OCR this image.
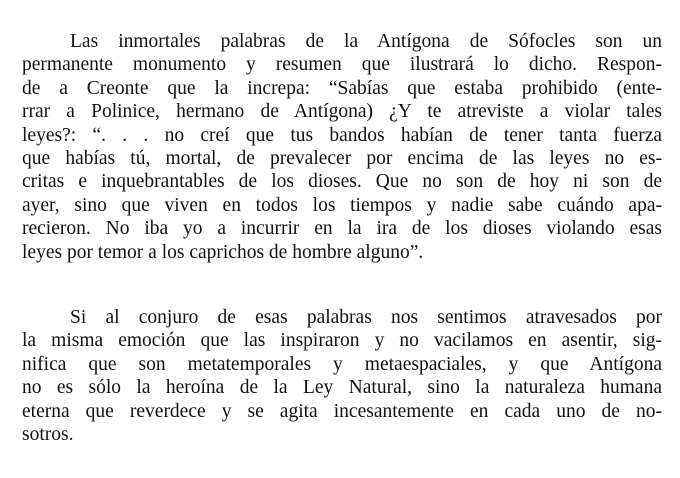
Las inmortales palabras de la Antígona de Sófocles son un
permanente monumento y resumen que ilustrará lo dicho. Respon-
de a Creonte que la increpa: “Sabías que estaba prohibido (ente-
rrar a Polinice, hermano de Antígona) ¿Y te atreviste a violar tales
leyes?: “. . . no creí que tus bandos habían de tener tanta fuerza
que habías tú, mortal, de prevalecer por encima de las leyes no es-
critas e inquebrantables de los dioses. Que no son de hoy ni son de
ayer, sino que viven en todos los tiempos y nadie sabe cuándo apa-
recieron. No iba yo a incurrir en la ira de los dioses violando esas
leyes por temor a los caprichos de hombre alguno”.

Si al conjuro de esas palabras nos sentimos atravesados por
la misma emoción que las inspiraron y no vacilamos en asentir, sig-
nifica que son metatemporales y metaespaciales, y que Antígona
no es sólo la heroína de la Ley Natural, sino la naturaleza humana
eterna que reverdece y se agita incesantemente en cada uno de no-
sotros.
